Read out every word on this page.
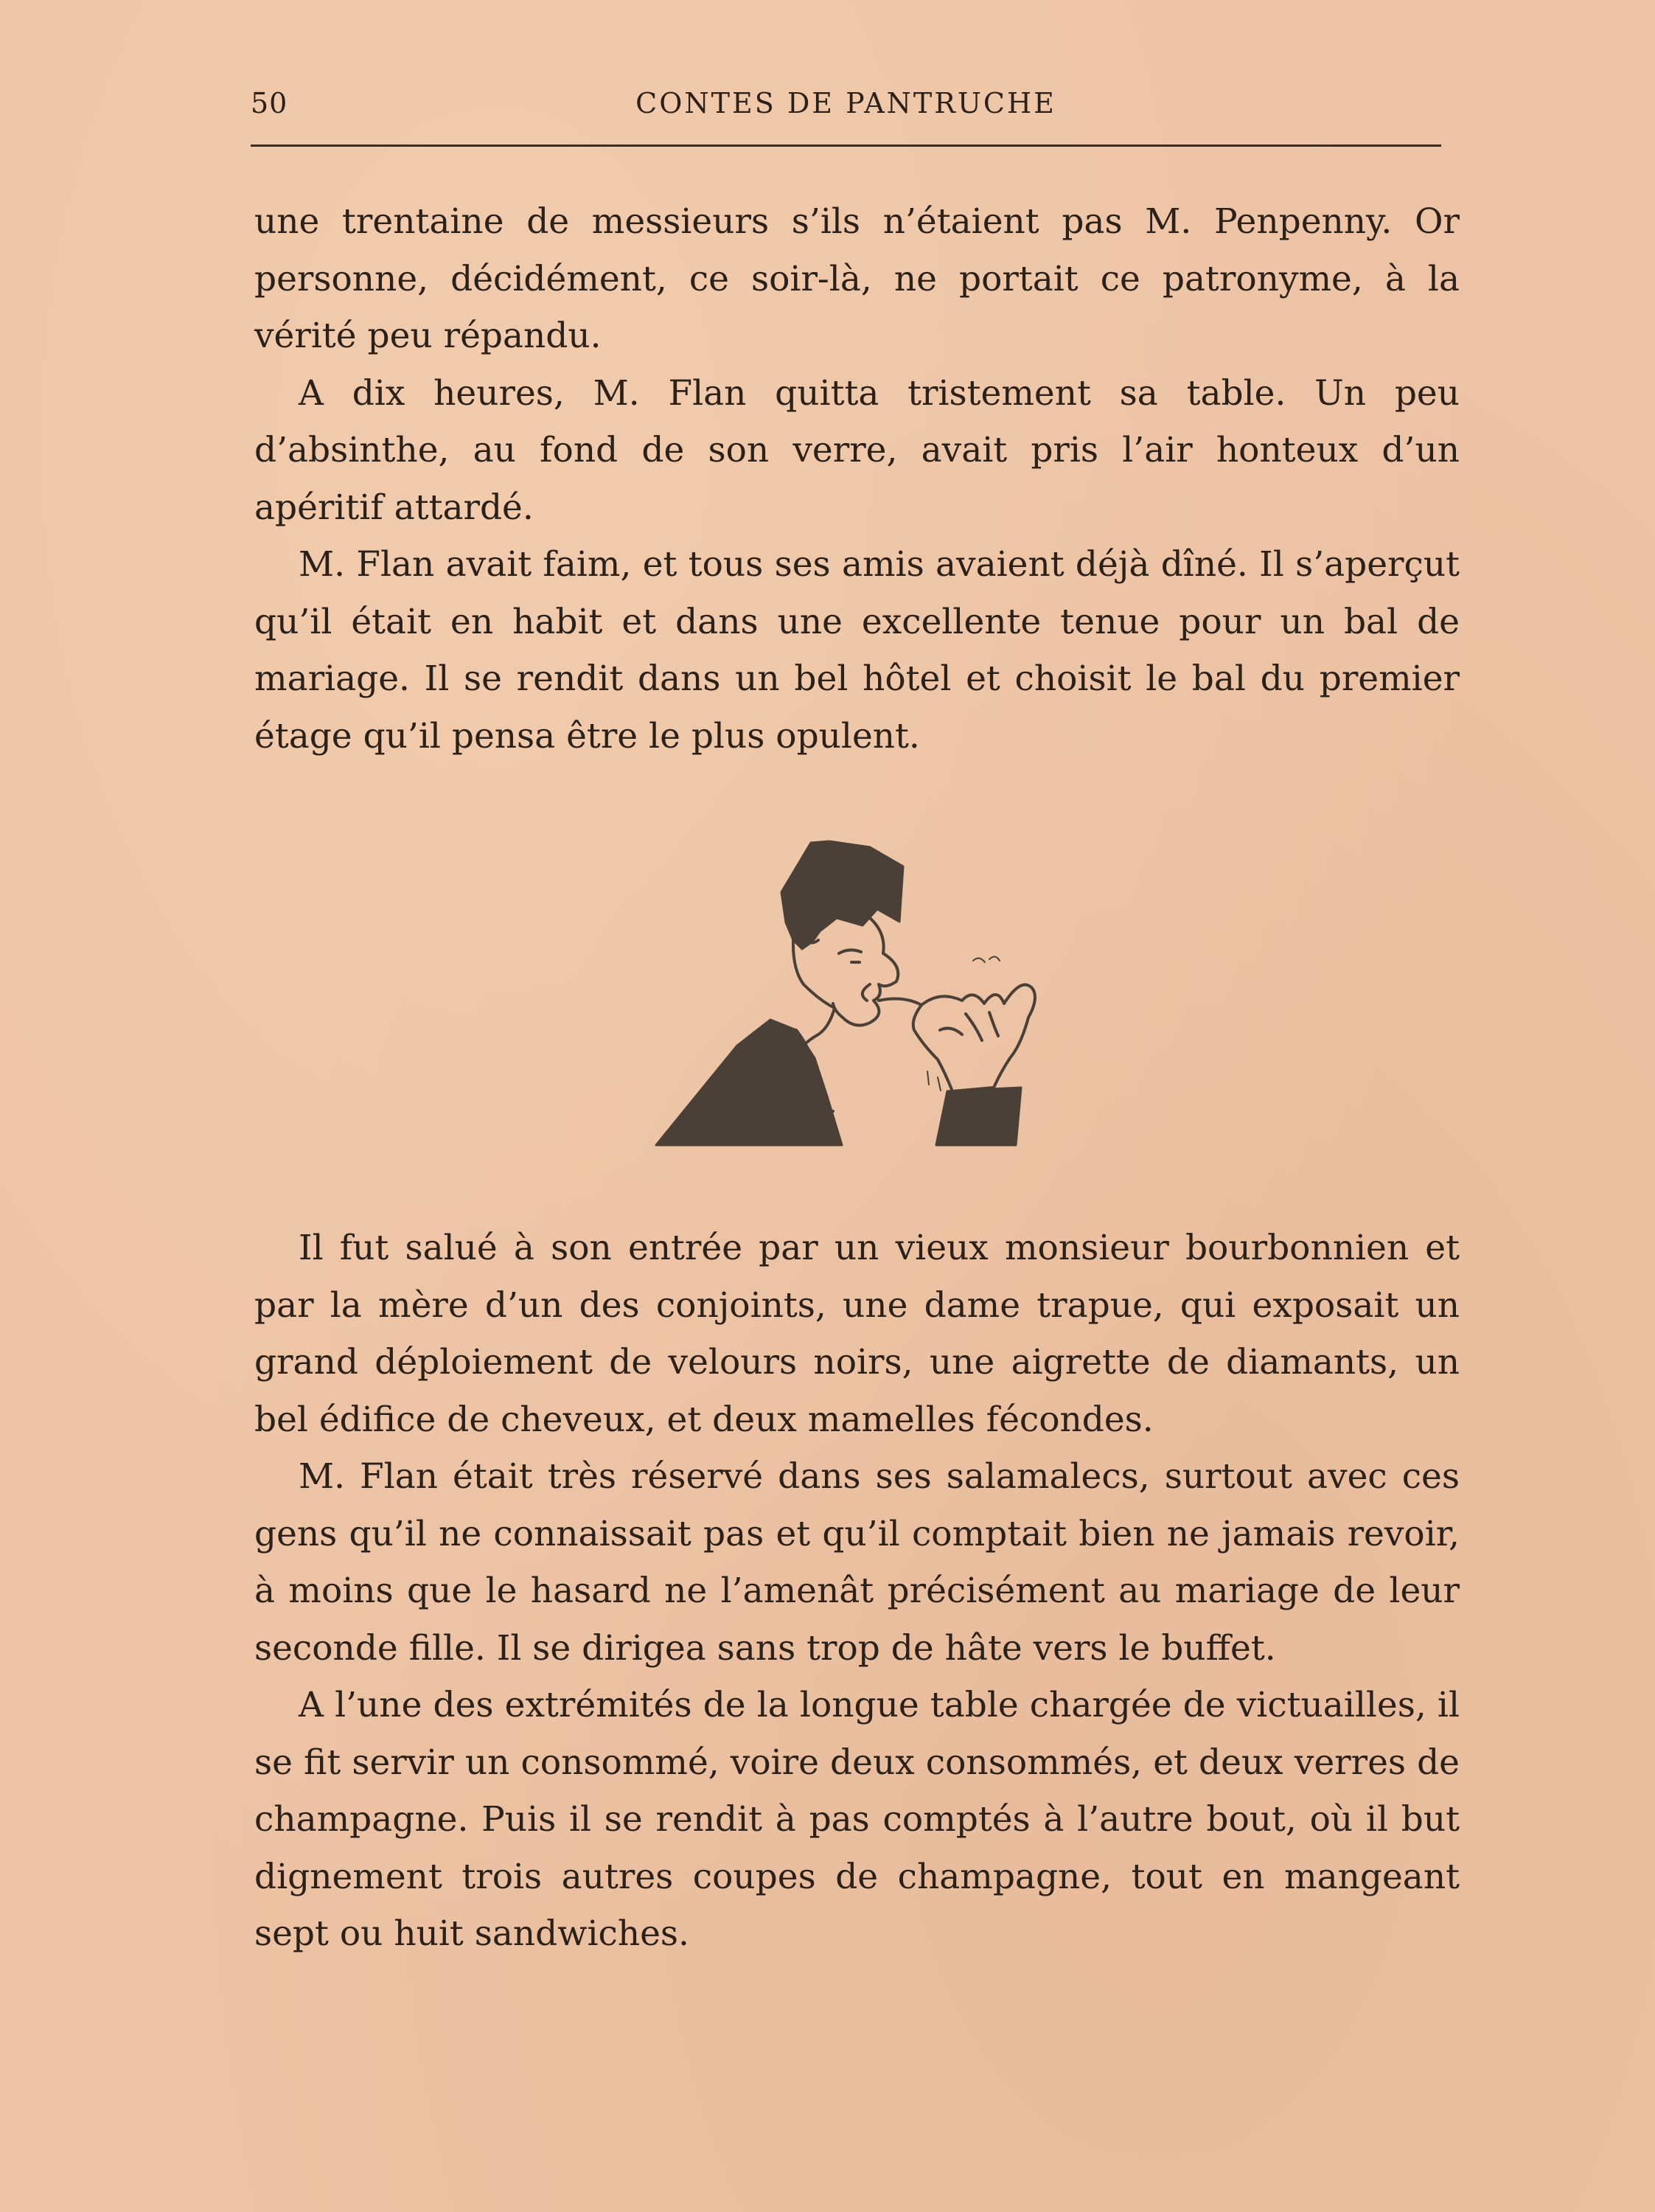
50	CONTES DE PANTRUCHE

une trentaine de messieurs s’ils n’étaient pas M. Penpenny. Or personne, décidément, ce soir-là, ne portait ce patronyme, à la vérité peu répandu.

A dix heures, M. Flan quitta tristement sa table. Un peu d’absinthe, au fond de son verre, avait pris l’air honteux d’un apéritif attardé.

M. Flan avait faim, et tous ses amis avaient déjà dîné. Il s’aperçut qu’il était en habit et dans une excellente tenue pour un bal de mariage. Il se rendit dans un bel hôtel et choisit le bal du premier étage qu’il pensa être le plus opulent.

Il fut salué à son entrée par un vieux monsieur bourbonnien et par la mère d’un des conjoints, une dame trapue, qui exposait un grand déploiement de velours noirs, une aigrette de diamants, un bel édifice de cheveux, et deux mamelles fécondes.

M. Flan était très réservé dans ses salamalecs, surtout avec ces gens qu’il ne connaissait pas et qu’il comptait bien ne jamais revoir, à moins que le hasard ne l’amenât précisément au mariage de leur seconde fille. Il se dirigea sans trop de hâte vers le buffet.

A l’une des extrémités de la longue table chargée de victuailles, il se fit servir un consommé, voire deux consommés, et deux verres de champagne. Puis il se rendit à pas comptés à l’autre bout, où il but dignement trois autres coupes de champagne, tout en mangeant sept ou huit sandwiches.
